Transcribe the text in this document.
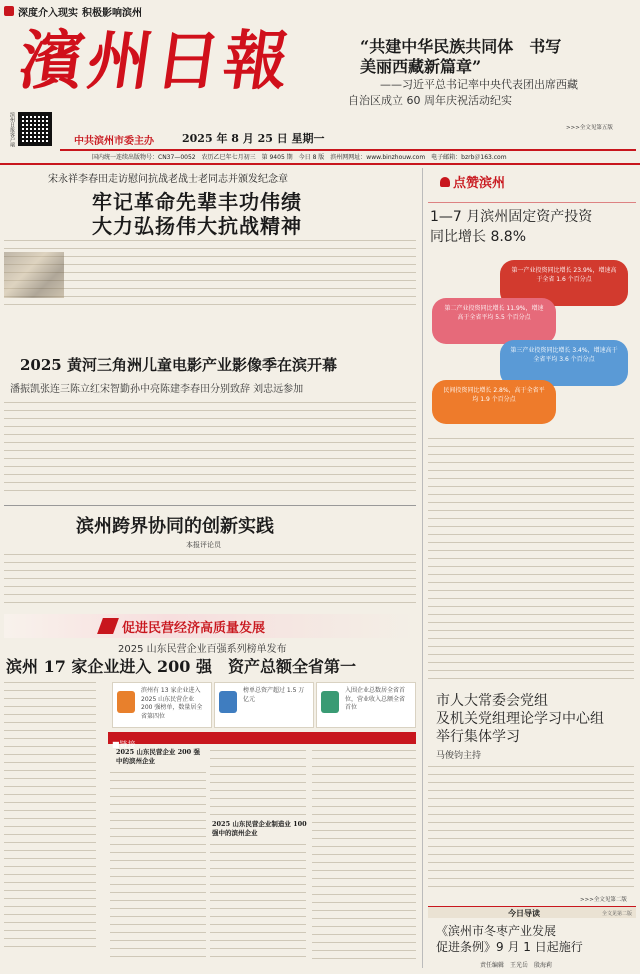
深度介入现实 积极影响滨州
濱州日報
滨州日报客户端	中共滨州市委主办	2025 年 8 月 25 日 星期一
“共建中华民族共同体　书写
美丽西藏新篇章”
——习近平总书记率中央代表团出席西藏
自治区成立 60 周年庆祝活动纪实
>>>全文见第五版
国内统一连续出版物号：CN37—0052　农历乙巳年七月初三　第 9405 期　今日 8 版　滨州网网址：www.binzhouw.com　电子邮箱：bzrb＠163.com
宋永祥李春田走访慰问抗战老战士老同志并颁发纪念章
牢记革命先辈丰功伟绩
大力弘扬伟大抗战精神
2025 黄河三角洲儿童电影产业影像季在滨开幕
潘振凯张连三陈立红宋智勤孙中亮陈建李春田分别致辞 刘忠远参加
滨州跨界协同的创新实践
本报评论员
促进民营经济高质量发展
2025 山东民营企业百强系列榜单发布
滨州 17 家企业进入 200 强　资产总额全省第一
滨州有 13 家企业进入 2025 山东民营企业 200 强榜单，数量居全省第四位
榜单总资产超过 1.5 万亿元
入围企业总数居全省首位，营业收入总额全省首位
■链接
2025 山东民营企业 200 强中的滨州企业
2025 山东民营企业制造业 100 强中的滨州企业
点赞滨州
1—7 月滨州固定资产投资
同比增长 8.8%
第一产业投资同比增长 23.9%，增速高于全省 1.6 个百分点
第二产业投资同比增长 11.9%，增速高于全省平均 5.5 个百分点
第三产业投资同比增长 3.4%，增速高于全省平均 3.6 个百分点
民间投资同比增长 2.8%，高于全省平均 1.9 个百分点
市人大常委会党组
及机关党组理论学习中心组
举行集体学习
马俊钧主持
>>>全文见第二版
今日导读	全文见第二版
《滨州市冬枣产业发展
促进条例》9 月 1 日起施行
责任编辑　王光岳　殷海莉
